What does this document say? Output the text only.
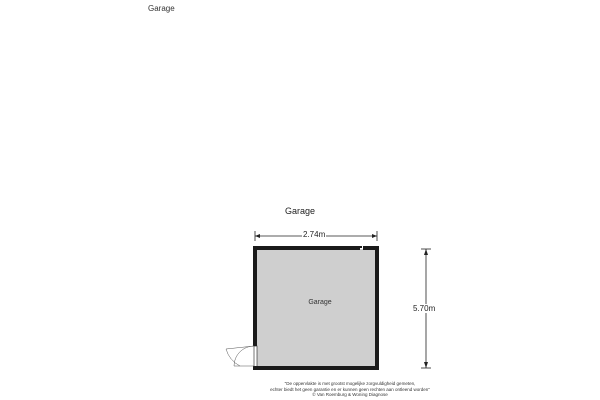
Garage
Garage
2.74m
5.70m
Garage
"De oppervlakte is met grootst mogelijke zorgvuldigheid gemeten,
echter biedt het geen garantie en er kunnen geen rechten aan ontleend worden"
© Van Roemburg & Woning Diagnose
